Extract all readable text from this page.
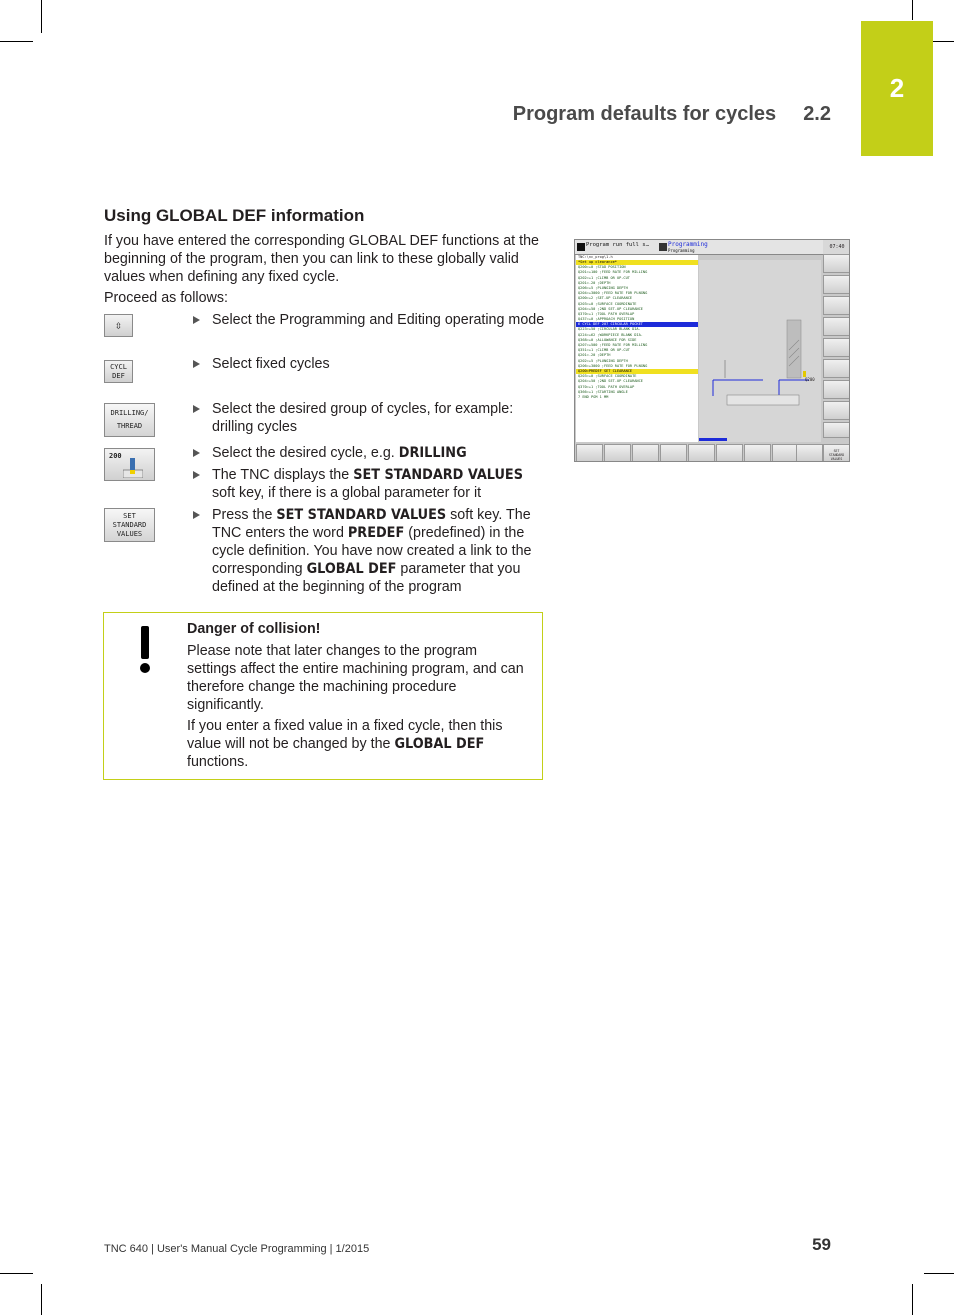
2
Program defaults for cycles 2.2
Using GLOBAL DEF information

If you have entered the corresponding GLOBAL DEF functions at the beginning of the program, then you can link to these globally valid values when defining any fixed cycle.

Proceed as follows:

⇳
CYCL
DEF
DRILLING/
THREAD
200
SET
STANDARD
VALUES
Select the Programming and Editing operating mode
Select fixed cycles
Select the desired group of cycles, for example: drilling cycles
Select the desired cycle, e.g. DRILLING
The TNC displays the SET STANDARD VALUES soft key, if there is a global parameter for it
Press the SET STANDARD VALUES soft key. The TNC enters the word PREDEF (predefined) in the cycle definition. You have now created a link to the corresponding GLOBAL DEF parameter that you defined at the beginning of the program

Danger of collision!

Please note that later changes to the program settings affect the entire machining program, and can therefore change the machining procedure significantly.

If you enter a fixed value in a fixed cycle, then this value will not be changed by the GLOBAL DEF functions.

Program run full s…	Programming
Programming
07:40
TNC:\nc_prog\1.h
*Set up clearance*
Q200=+0 ;STAD POSITION
Q201=+100 ;FEED RATE FOR MILLING
Q202=+1 ;CLIMB OR UP-CUT
Q201=-20 ;DEPTH
Q206=+5 ;PLUNGING DEPTH
Q204=+3000 ;FEED RATE FOR PLNGNG
Q200=+2 ;SET-UP CLEARANCE
Q203=+0 ;SURFACE COORDINATE
Q204=+50 ;2ND SET-UP CLEARANCE
Q370=+1 ;TOOL PATH OVERLAP
Q437=+0 ;APPROACH POSITION
6 CYCL DEF 207 CIRCULAR POCKET
Q223=+50 ;CIRCULAR BLANK DIA.
Q224=+62 ;WORKPIECE BLANK DIA.
Q368=+0 ;ALLOWANCE FOR SIDE
Q207=+500 ;FEED RATE FOR MILLING
Q351=+1 ;CLIMB OR UP-CUT
Q201=-20 ;DEPTH
Q202=+5 ;PLUNGING DEPTH
Q206=+3000 ;FEED RATE FOR PLNGNG
Q200=PREDEF SET CLEARANCE
Q203=+0 ;SURFACE COORDINATE
Q204=+50 ;2ND SET-UP CLEARANCE
Q370=+1 ;TOOL PATH OVERLAP
Q366=+1 ;STARTING ANGLE
7 END PGM 1 MM
Q200
SET
STANDARD
VALUES
TNC 640 | User's Manual Cycle Programming | 1/2015	59
